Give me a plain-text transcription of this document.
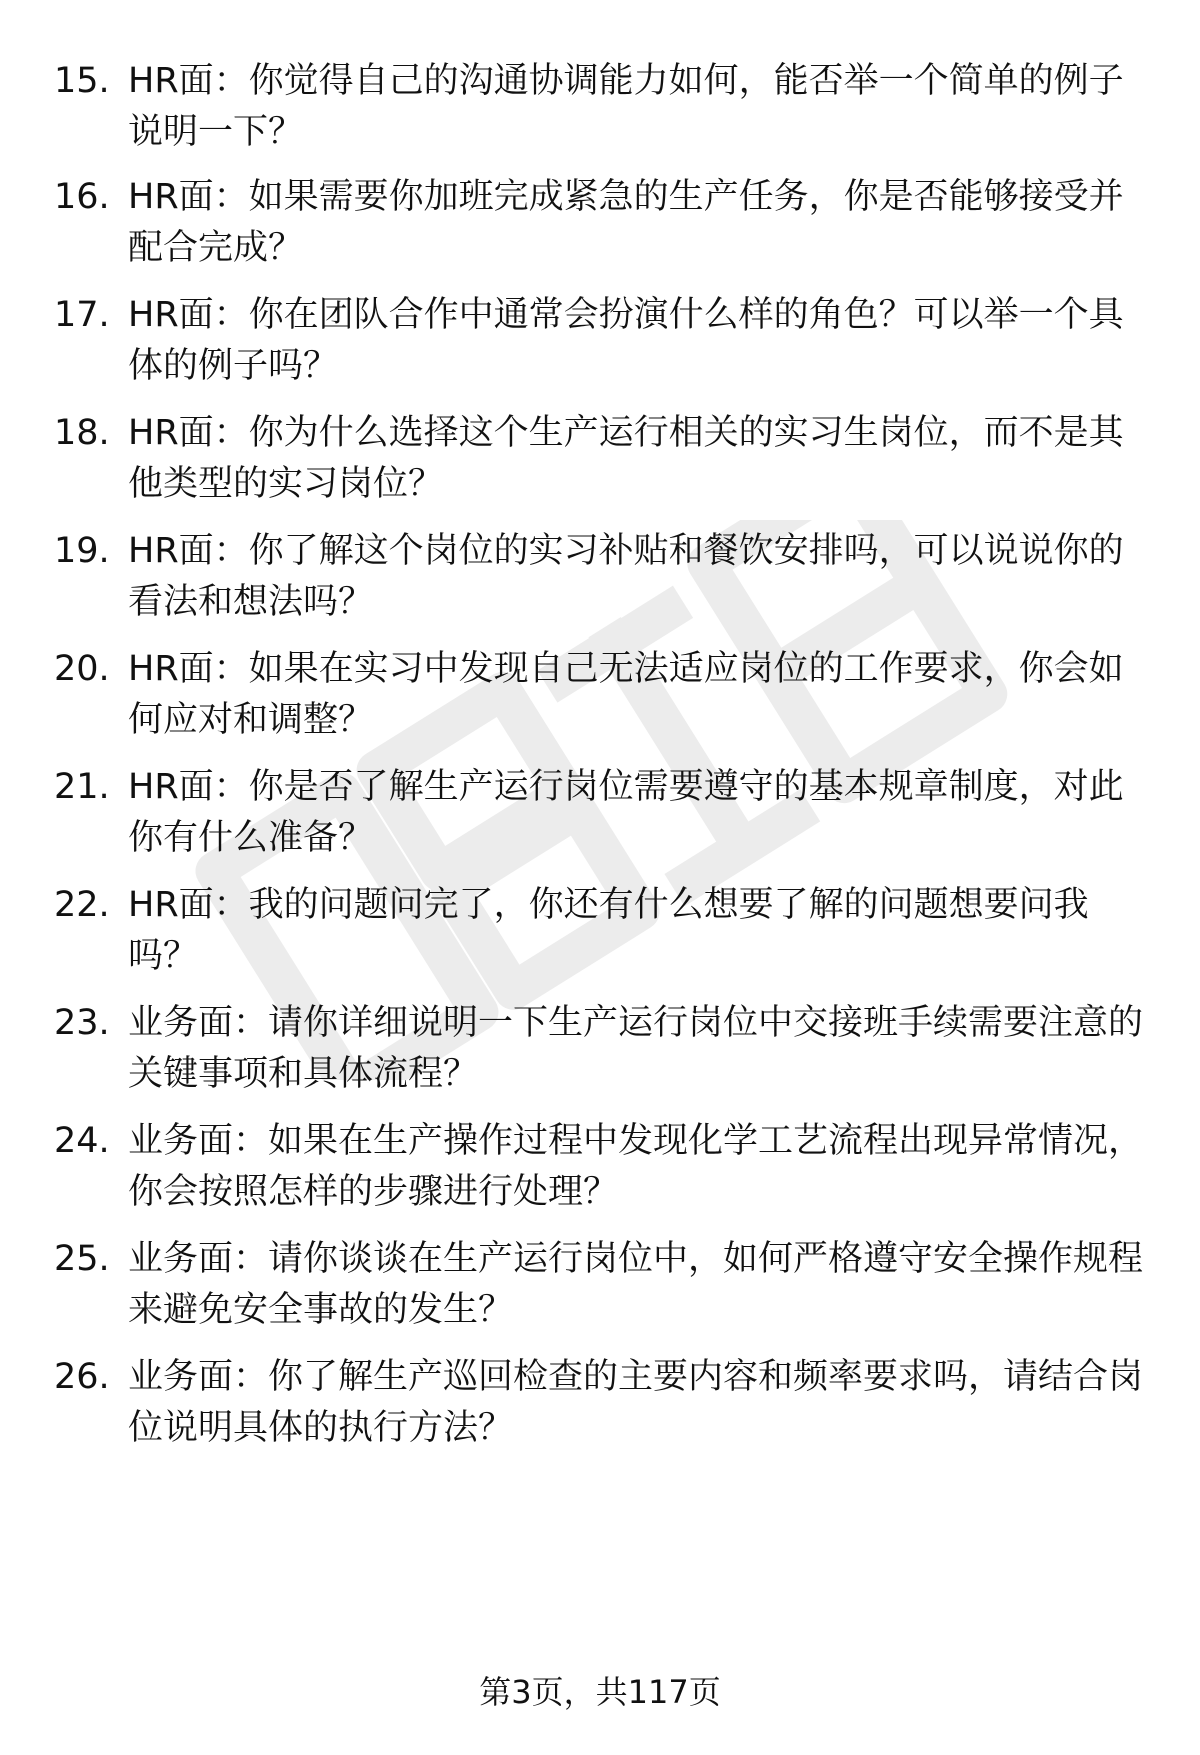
15. HR面：你觉得自己的沟通协调能力如何，能否举一个简单的例子说明一下？
16. HR面：如果需要你加班完成紧急的生产任务，你是否能够接受并配合完成？
17. HR面：你在团队合作中通常会扮演什么样的角色？可以举一个具体的例子吗？
18. HR面：你为什么选择这个生产运行相关的实习生岗位，而不是其他类型的实习岗位？
19. HR面：你了解这个岗位的实习补贴和餐饮安排吗，可以说说你的看法和想法吗？
20. HR面：如果在实习中发现自己无法适应岗位的工作要求，你会如何应对和调整？
21. HR面：你是否了解生产运行岗位需要遵守的基本规章制度，对此你有什么准备？
22. HR面：我的问题问完了，你还有什么想要了解的问题想要问我吗？
23. 业务面：请你详细说明一下生产运行岗位中交接班手续需要注意的关键事项和具体流程？
24. 业务面：如果在生产操作过程中发现化学工艺流程出现异常情况，你会按照怎样的步骤进行处理？
25. 业务面：请你谈谈在生产运行岗位中，如何严格遵守安全操作规程来避免安全事故的发生？
26. 业务面：你了解生产巡回检查的主要内容和频率要求吗，请结合岗位说明具体的执行方法？
第3页，共117页
